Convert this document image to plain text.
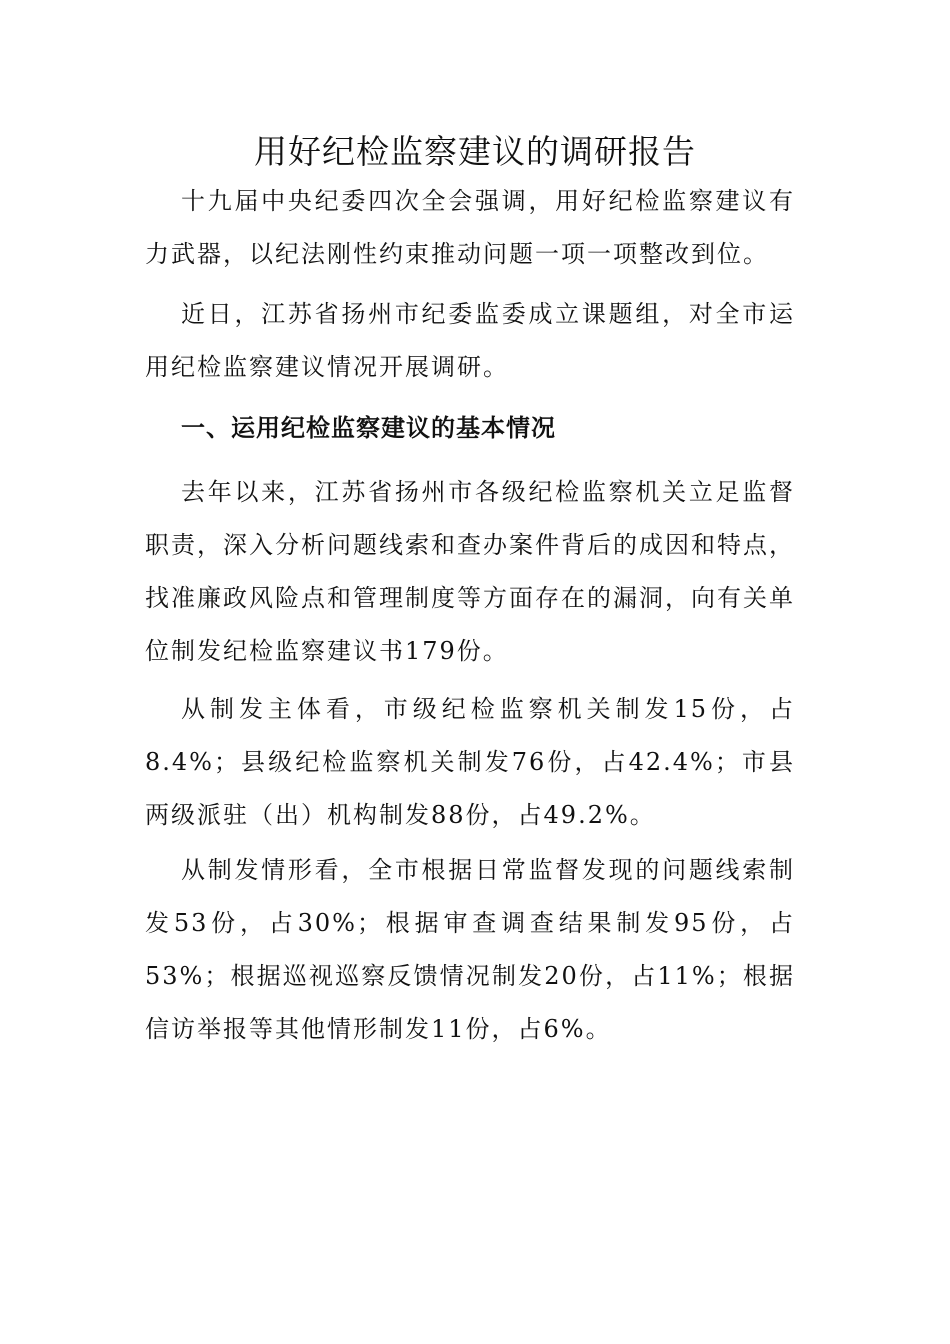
用好纪检监察建议的调研报告

十九届中央纪委四次全会强调，用好纪检监察建议有力武器，以纪法刚性约束推动问题一项一项整改到位。

近日，江苏省扬州市纪委监委成立课题组，对全市运用纪检监察建议情况开展调研。

一、运用纪检监察建议的基本情况

去年以来，江苏省扬州市各级纪检监察机关立足监督职责，深入分析问题线索和查办案件背后的成因和特点，找准廉政风险点和管理制度等方面存在的漏洞，向有关单位制发纪检监察建议书179份。

从制发主体看，市级纪检监察机关制发15份，占8.4%；县级纪检监察机关制发76份，占42.4%；市县两级派驻（出）机构制发88份，占49.2%。

从制发情形看，全市根据日常监督发现的问题线索制发53份，占30%；根据审查调查结果制发95份，占53%；根据巡视巡察反馈情况制发20份，占11%；根据信访举报等其他情形制发11份，占6%。
